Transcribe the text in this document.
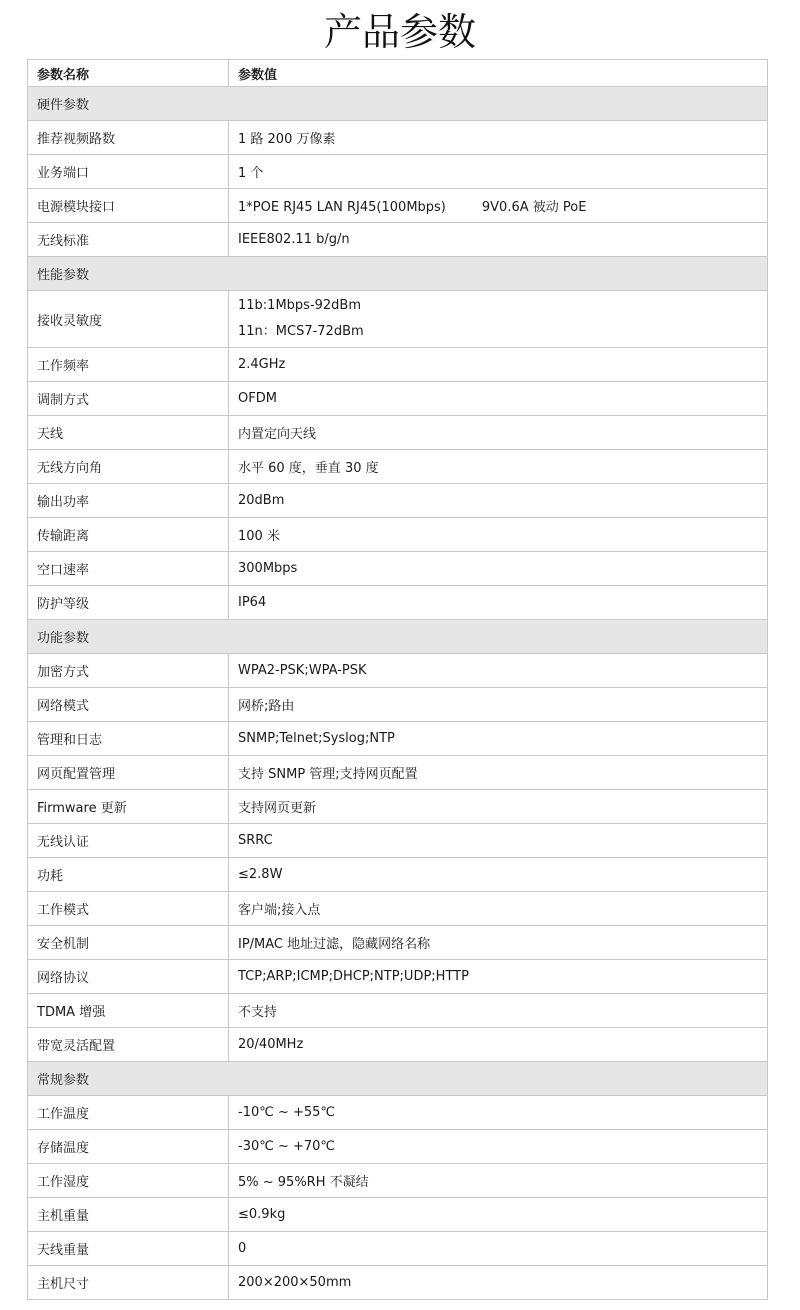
产品参数
参数名称	参数值
硬件参数	
推荐视频路数	1 路 200 万像素
业务端口	1 个
电源模块接口	1*POE RJ45 LAN RJ45(100Mbps) 9V0.6A 被动 PoE
无线标准	IEEE802.11 b/g/n
性能参数	
接收灵敏度	11b:1Mbps-92dBm
11n：MCS7-72dBm

工作频率	2.4GHz
调制方式	OFDM
天线	内置定向天线
无线方向角	水平 60 度，垂直 30 度
输出功率	20dBm
传输距离	100 米
空口速率	300Mbps
防护等级	IP64
功能参数	
加密方式	WPA2-PSK;WPA-PSK
网络模式	网桥;路由
管理和日志	SNMP;Telnet;Syslog;NTP
网页配置管理	支持 SNMP 管理;支持网页配置
Firmware 更新	支持网页更新
无线认证	SRRC
功耗	≤2.8W
工作模式	客户端;接入点
安全机制	IP/MAC 地址过滤，隐藏网络名称
网络协议	TCP;ARP;ICMP;DHCP;NTP;UDP;HTTP
TDMA 增强	不支持
带宽灵活配置	20/40MHz
常规参数	
工作温度	-10℃ ~ +55℃
存储温度	-30℃ ~ +70℃
工作湿度	5% ~ 95%RH 不凝结
主机重量	≤0.9kg
天线重量	0
主机尺寸	200×200×50mm
